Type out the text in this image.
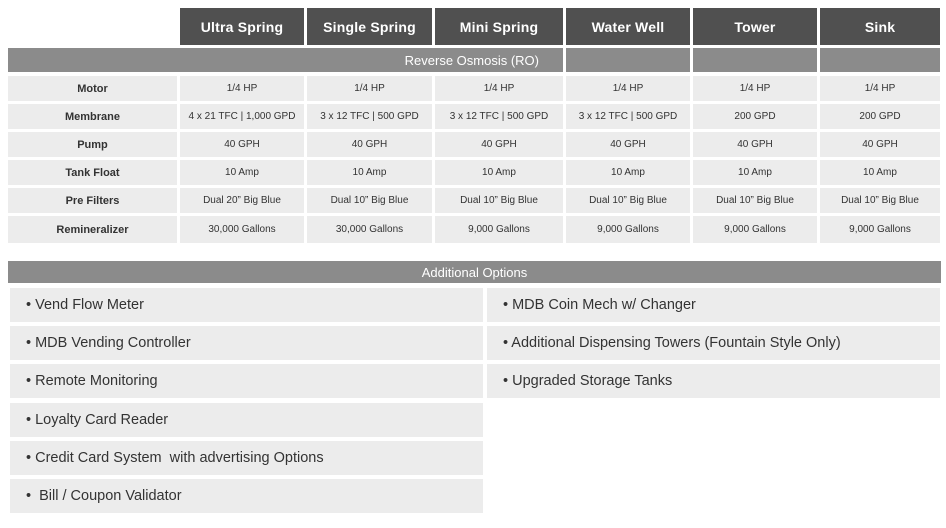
Ultra Spring	Single Spring	Mini Spring	Water Well	Tower	Sink
Reverse Osmosis (RO)
Motor	1/4 HP	1/4 HP	1/4 HP	1/4 HP	1/4 HP	1/4 HP
Membrane	4 x 21 TFC | 1,000 GPD	3 x 12 TFC | 500 GPD	3 x 12 TFC | 500 GPD	3 x 12 TFC | 500 GPD	200 GPD	200 GPD
Pump	40 GPH	40 GPH	40 GPH	40 GPH	40 GPH	40 GPH
Tank Float	10 Amp	10 Amp	10 Amp	10 Amp	10 Amp	10 Amp
Pre Filters	Dual 20” Big Blue	Dual 10” Big Blue	Dual 10” Big Blue	Dual 10” Big Blue	Dual 10” Big Blue	Dual 10” Big Blue
Remineralizer	30,000 Gallons	30,000 Gallons	9,000 Gallons	9,000 Gallons	9,000 Gallons	9,000 Gallons
Additional Options
• Vend Flow Meter
• MDB Vending Controller
• Remote Monitoring
• Loyalty Card Reader
• Credit Card System  with advertising Options
•  Bill / Coupon Validator
• MDB Coin Mech w/ Changer
• Additional Dispensing Towers (Fountain Style Only)
• Upgraded Storage Tanks
